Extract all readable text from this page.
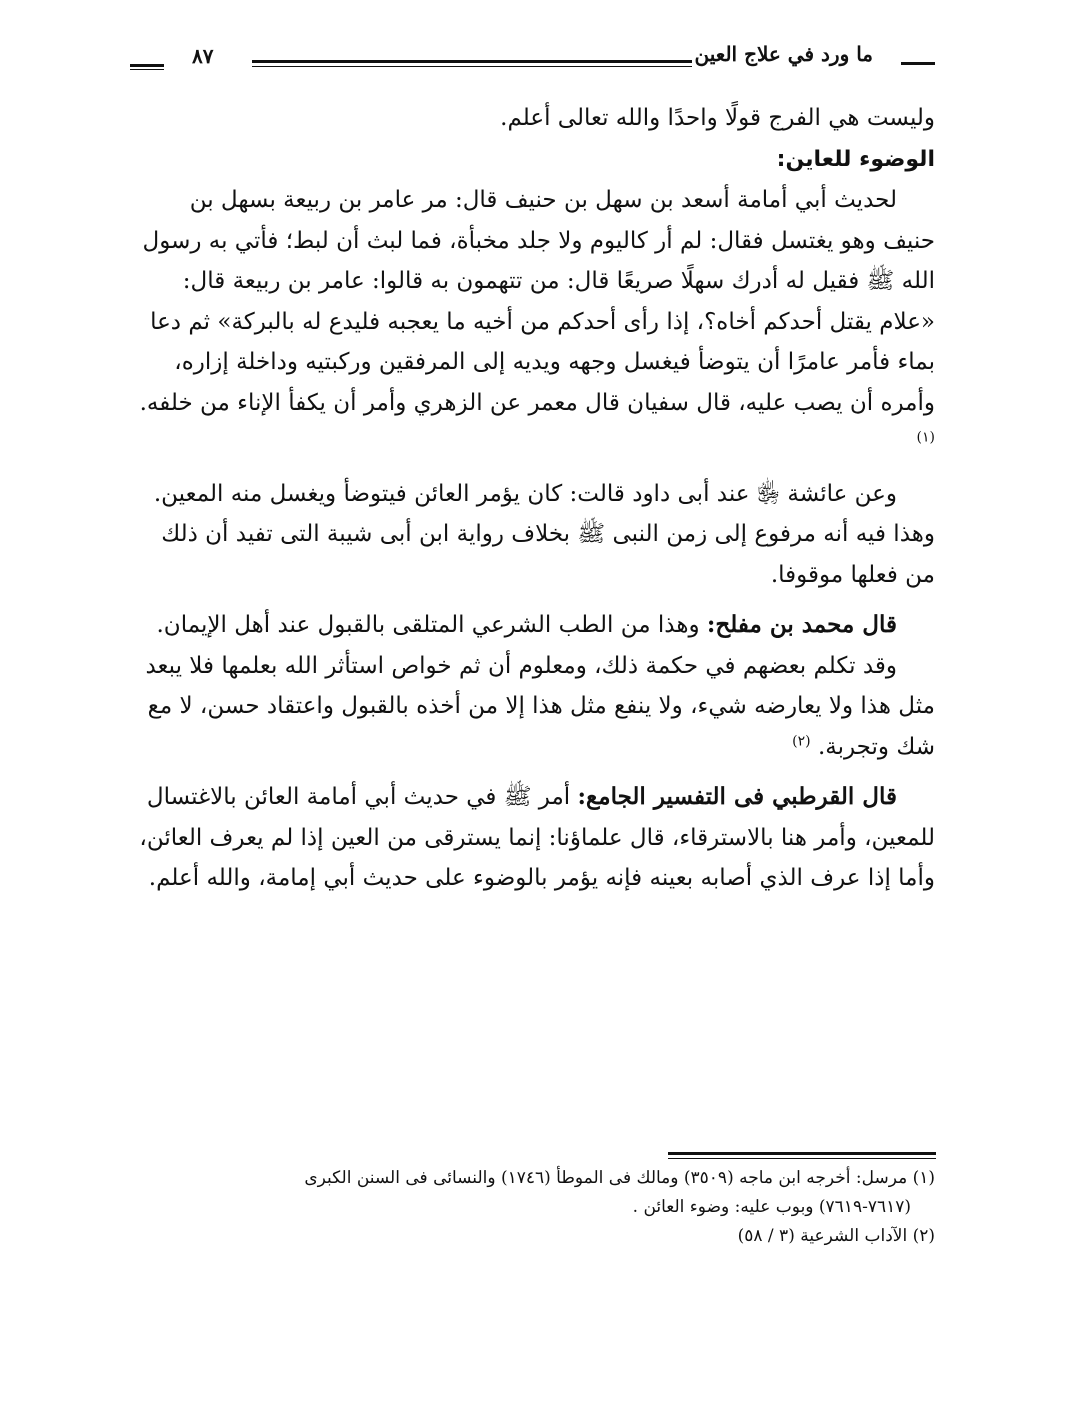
ما ورد في علاج العين
٨٧

وليست هي الفرج قولًا واحدًا والله تعالى أعلم.

الوضوء للعاين:

لحديث أبي أمامة أسعد بن سهل بن حنيف قال: مر عامر بن ربيعة بسهل بن حنيف وهو يغتسل فقال: لم أر كاليوم ولا جلد مخبأة، فما لبث أن لبط؛ فأتي به رسول الله ﷺ فقيل له أدرك سهلًا صريعًا قال: من تتهمون به قالوا: عامر بن ربيعة قال: «علام يقتل أحدكم أخاه؟، إذا رأى أحدكم من أخيه ما يعجبه فليدع له بالبركة» ثم دعا بماء فأمر عامرًا أن يتوضأ فيغسل وجهه ويديه إلى المرفقين وركبتيه وداخلة إزاره، وأمره أن يصب عليه، قال سفيان قال معمر عن الزهري وأمر أن يكفأ الإناء من خلفه.$^{(١)}$

وعن عائشة ﵂ عند أبى داود قالت: كان يؤمر العائن فيتوضأ ويغسل منه المعين. وهذا فيه أنه مرفوع إلى زمن النبى ﷺ بخلاف رواية ابن أبى شيبة التى تفيد أن ذلك من فعلها موقوفا.

قال محمد بن مفلح: وهذا من الطب الشرعي المتلقى بالقبول عند أهل الإيمان.

وقد تكلم بعضهم في حكمة ذلك، ومعلوم أن ثم خواص استأثر الله بعلمها فلا يبعد مثل هذا ولا يعارضه شيء، ولا ينفع مثل هذا إلا من أخذه بالقبول واعتقاد حسن، لا مع شك وتجربة. $^{(٢)}$

قال القرطبي فى التفسير الجامع: أمر ﷺ في حديث أبي أمامة العائن بالاغتسال للمعين، وأمر هنا بالاسترقاء، قال علماؤنا: إنما يسترقى من العين إذا لم يعرف العائن، وأما إذا عرف الذي أصابه بعينه فإنه يؤمر بالوضوء على حديث أبي إمامة، والله أعلم.

(١) مرسل: أخرجه ابن ماجه (٣٥٠٩) ومالك فى الموطأ (١٧٤٦) والنسائى فى السنن الكبرى

(٧٦١٧-٧٦١٩) وبوب عليه: وضوء العائن .

(٢) الآداب الشرعية (٣ / ٥٨)
